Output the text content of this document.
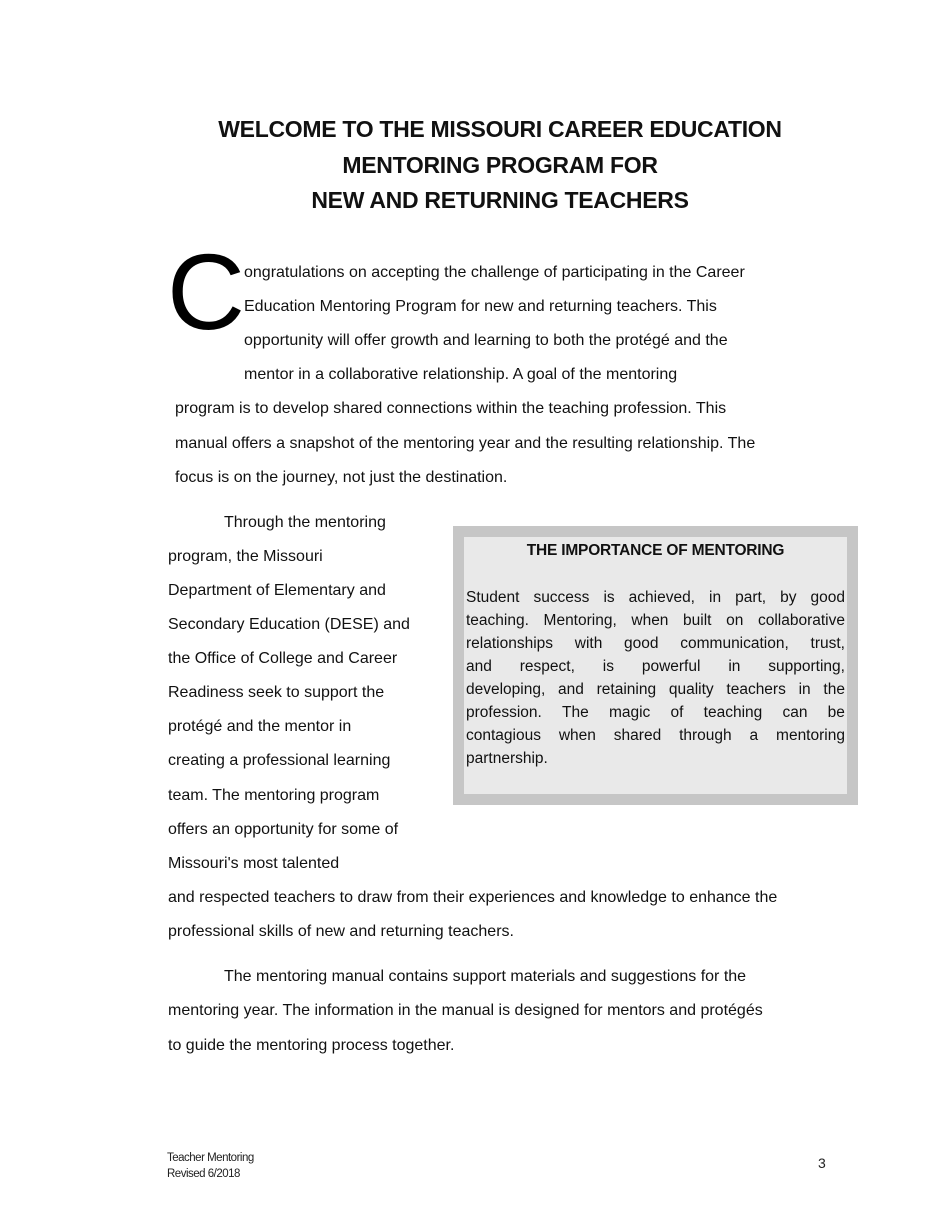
WELCOME TO THE MISSOURI CAREER EDUCATION
MENTORING PROGRAM FOR
NEW AND RETURNING TEACHERS
C ongratulations on accepting the challenge of participating in the Career
Education Mentoring Program for new and returning teachers. This
opportunity will offer growth and learning to both the protégé and the
mentor in a collaborative relationship. A goal of the mentoring
program is to develop shared connections within the teaching profession. This
manual offers a snapshot of the mentoring year and the resulting relationship. The
focus is on the journey, not just the destination.
Through the mentoring
program, the Missouri
Department of Elementary and
Secondary Education (DESE) and
the Office of College and Career
Readiness seek to support the
protégé and the mentor in
creating a professional learning
team. The mentoring program
offers an opportunity for some of
Missouri's most talented
and respected teachers to draw from their experiences and knowledge to enhance the
professional skills of new and returning teachers.
THE IMPORTANCE OF MENTORING
Student success is achieved, in part, by good
teaching. Mentoring, when built on collaborative
relationships with good communication, trust,
and respect, is powerful in supporting,
developing, and retaining quality teachers in the
profession. The magic of teaching can be
contagious when shared through a mentoring
partnership.
The mentoring manual contains support materials and suggestions for the
mentoring year. The information in the manual is designed for mentors and protégés
to guide the mentoring process together.
Teacher Mentoring
Revised 6/2018
3
